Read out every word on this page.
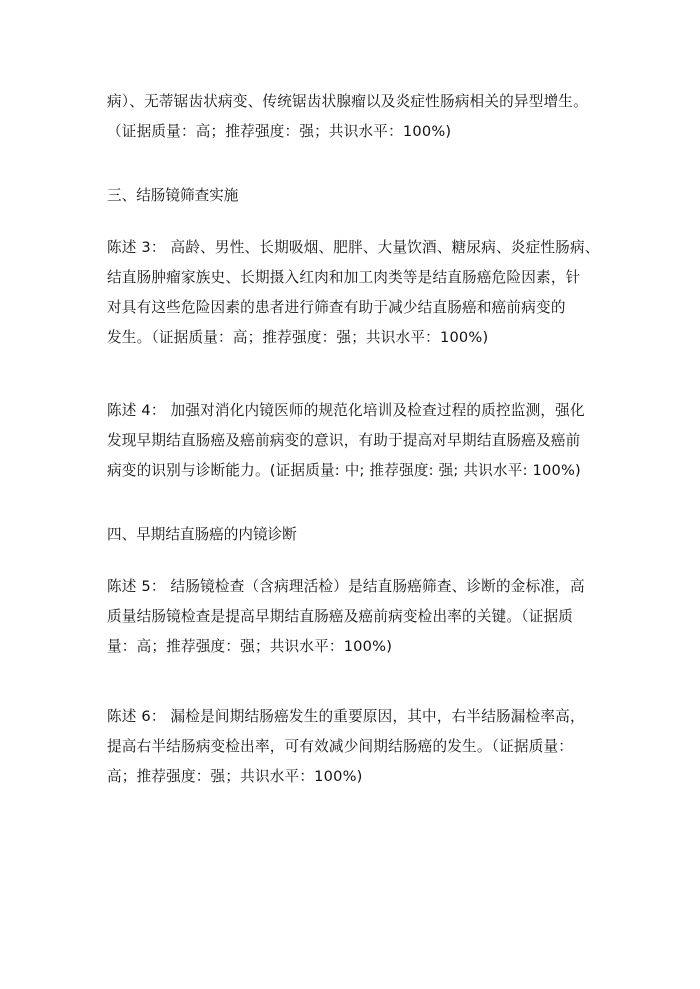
病）、无蒂锯齿状病变、传统锯齿状腺瘤以及炎症性肠病相关的异型增生。
（证据质量：高；推荐强度：强；共识水平：100%)
三、结肠镜筛查实施
陈述 3： 高龄、男性、长期吸烟、肥胖、大量饮酒、糖尿病、炎症性肠病、
结直肠肿瘤家族史、长期摄入红肉和加工肉类等是结直肠癌危险因素，针
对具有这些危险因素的患者进行筛查有助于减少结直肠癌和癌前病变的
发生。（证据质量：高；推荐强度：强；共识水平：100%)
陈述 4： 加强对消化内镜医师的规范化培训及检查过程的质控监测，强化
发现早期结直肠癌及癌前病变的意识，有助于提高对早期结直肠癌及癌前
病变的识别与诊断能力。(证据质量: 中; 推荐强度: 强; 共识水平: 100%)
四、早期结直肠癌的内镜诊断
陈述 5： 结肠镜检查（含病理活检）是结直肠癌筛查、诊断的金标准，高
质量结肠镜检查是提高早期结直肠癌及癌前病变检出率的关键。（证据质
量：高；推荐强度：强；共识水平：100%)
陈述 6： 漏检是间期结肠癌发生的重要原因，其中，右半结肠漏检率高，
提高右半结肠病变检出率，可有效减少间期结肠癌的发生。（证据质量：
高；推荐强度：强；共识水平：100%)
